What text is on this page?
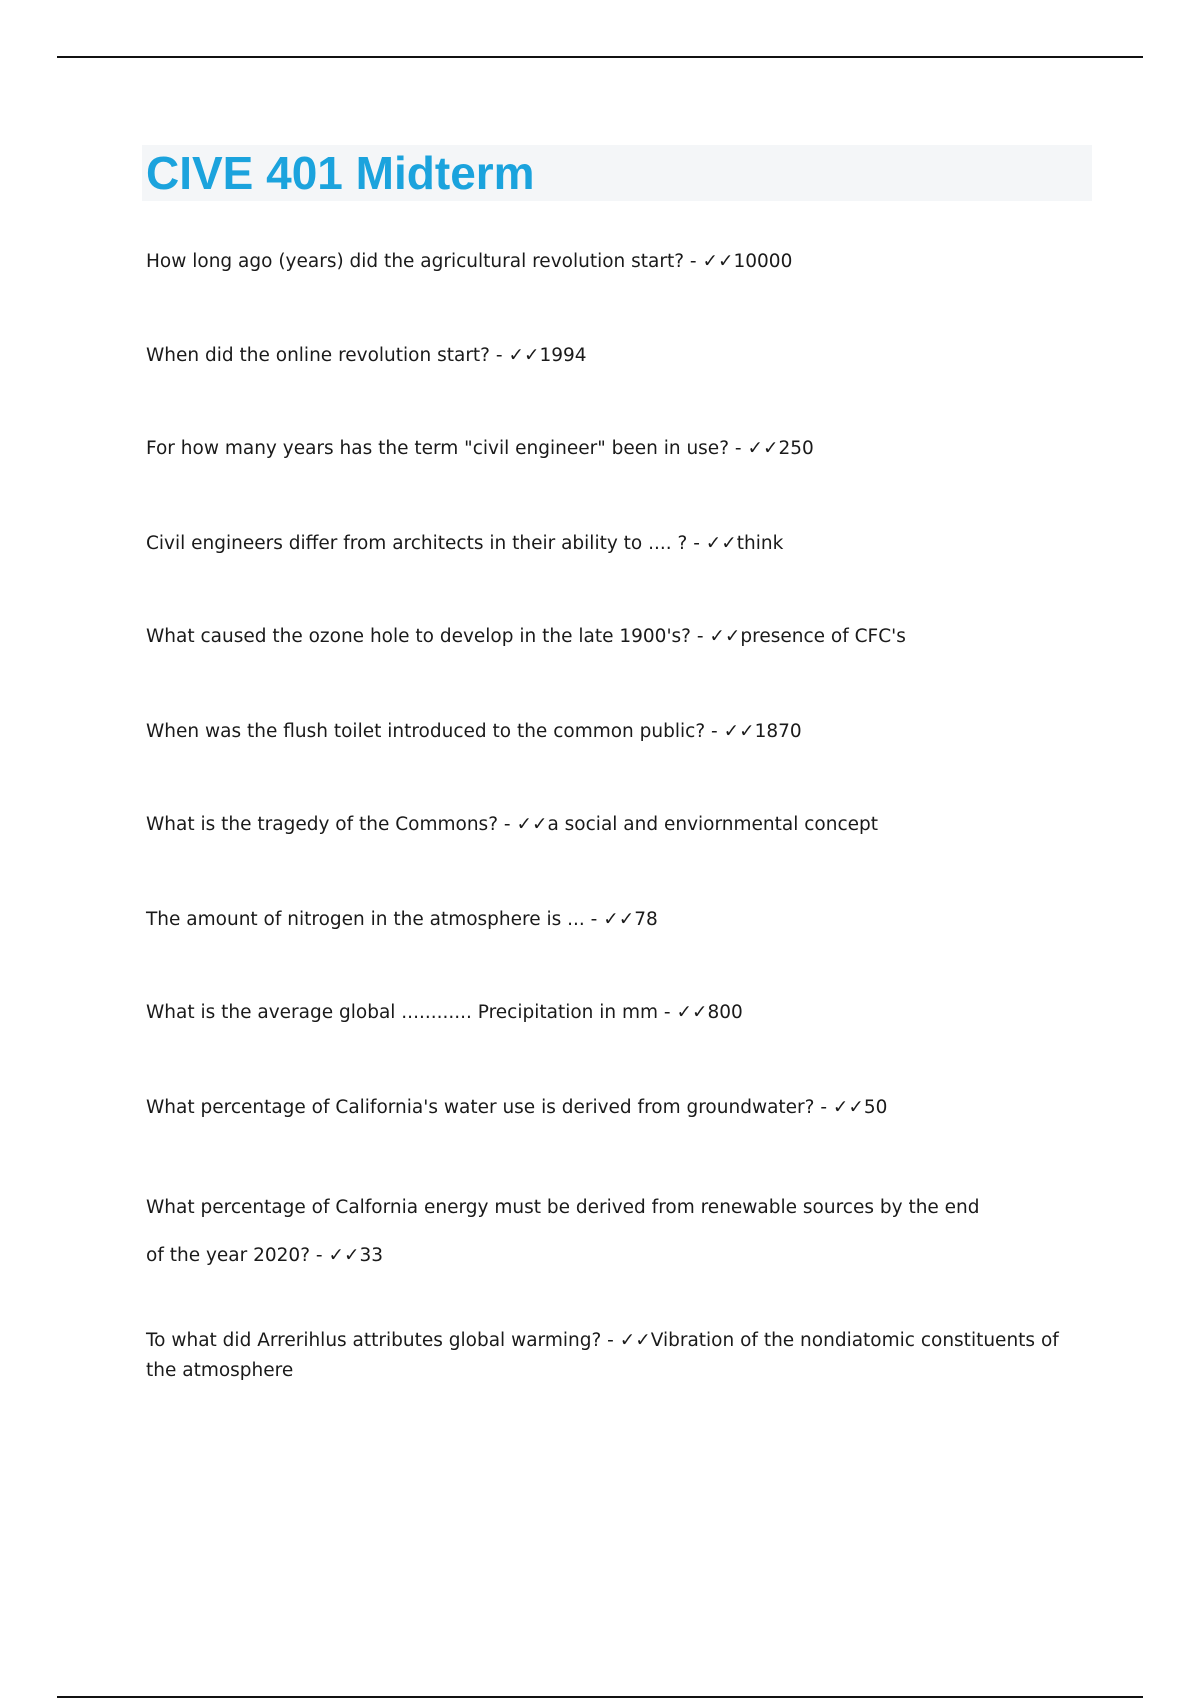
CIVE 401 Midterm

How long ago (years) did the agricultural revolution start? - ✓✓10000

When did the online revolution start? - ✓✓1994

For how many years has the term "civil engineer" been in use? - ✓✓250

Civil engineers differ from architects in their ability to .... ? - ✓✓think

What caused the ozone hole to develop in the late 1900's? - ✓✓presence of CFC's

When was the flush toilet introduced to the common public? - ✓✓1870

What is the tragedy of the Commons? - ✓✓a social and enviornmental concept

The amount of nitrogen in the atmosphere is ... - ✓✓78

What is the average global ............ Precipitation in mm - ✓✓800

What percentage of California's water use is derived from groundwater? - ✓✓50

What percentage of Calfornia energy must be derived from renewable sources by the end
of the year 2020? - ✓✓33

To what did Arrerihlus attributes global warming? - ✓✓Vibration of the nondiatomic constituents of the atmosphere
